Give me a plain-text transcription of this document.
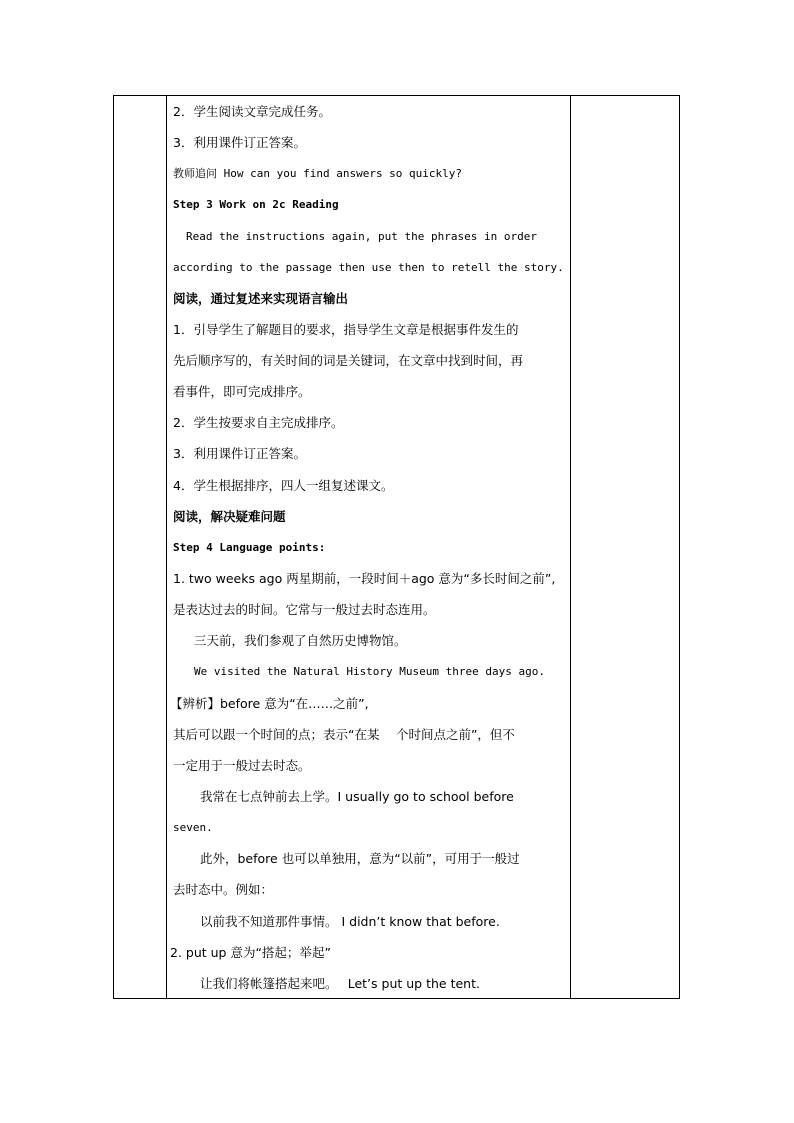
2．学生阅读文章完成任务。
3．利用课件订正答案。
教师追问 How can you find answers so quickly?
Step 3 Work on 2c Reading
Read the instructions again, put the phrases in order
according to the passage then use then to retell the story.
阅读，通过复述来实现语言输出
1．引导学生了解题目的要求，指导学生文章是根据事件发生的
先后顺序写的，有关时间的词是关键词，在文章中找到时间，再
看事件，即可完成排序。
2．学生按要求自主完成排序。
3．利用课件订正答案。
4．学生根据排序，四人一组复述课文。
阅读，解决疑难问题
Step 4 Language points:
1. two weeks ago 两星期前，一段时间＋ago 意为“多长时间之前”,
是表达过去的时间。它常与一般过去时态连用。
三天前，我们参观了自然历史博物馆。
We visited the Natural History Museum three days ago.
【辨析】before 意为“在……之前”,
其后可以跟一个时间的点；表示“在某　 个时间点之前”，但不
一定用于一般过去时态。
我常在七点钟前去上学。I usually go to school before
seven.
此外，before 也可以单独用，意为“以前”，可用于一般过
去时态中。例如：
以前我不知道那件事情。 I didn’t know that before.
2. put up 意为“搭起；举起”
让我们将帐篷搭起来吧。　 Let’s put up the tent.
